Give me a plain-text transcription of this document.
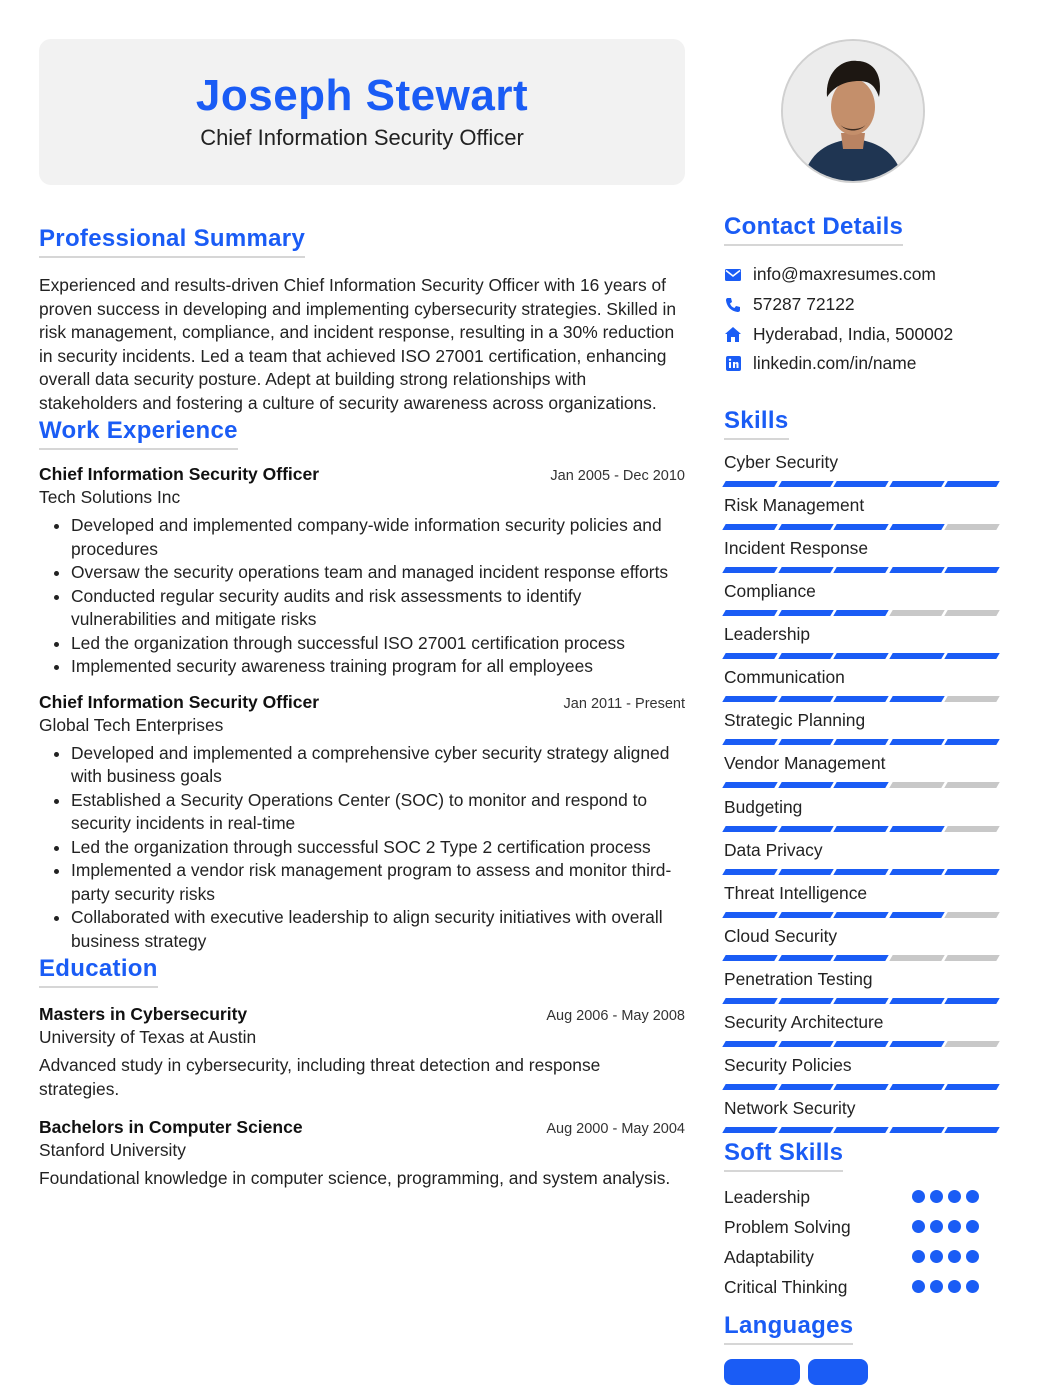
Joseph Stewart
Chief Information Security Officer
Professional Summary
Experienced and results-driven Chief Information Security Officer with 16 years of proven success in developing and implementing cybersecurity strategies. Skilled in risk management, compliance, and incident response, resulting in a 30% reduction in security incidents. Led a team that achieved ISO 27001 certification, enhancing overall data security posture. Adept at building strong relationships with stakeholders and fostering a culture of security awareness across organizations.
Work Experience
Chief Information Security Officer	Jan 2005 - Dec 2010
Tech Solutions Inc
• Developed and implemented company-wide information security policies and procedures
• Oversaw the security operations team and managed incident response efforts
• Conducted regular security audits and risk assessments to identify vulnerabilities and mitigate risks
• Led the organization through successful ISO 27001 certification process
• Implemented security awareness training program for all employees
Chief Information Security Officer	Jan 2011 - Present
Global Tech Enterprises
• Developed and implemented a comprehensive cyber security strategy aligned with business goals
• Established a Security Operations Center (SOC) to monitor and respond to security incidents in real-time
• Led the organization through successful SOC 2 Type 2 certification process
• Implemented a vendor risk management program to assess and monitor third-party security risks
• Collaborated with executive leadership to align security initiatives with overall business strategy
Education
Masters in Cybersecurity	Aug 2006 - May 2008
University of Texas at Austin
Advanced study in cybersecurity, including threat detection and response strategies.
Bachelors in Computer Science	Aug 2000 - May 2004
Stanford University
Foundational knowledge in computer science, programming, and system analysis.
Contact Details
info@maxresumes.com
57287 72122
Hyderabad, India, 500002
linkedin.com/in/name
Skills
Cyber Security
Risk Management
Incident Response
Compliance
Leadership
Communication
Strategic Planning
Vendor Management
Budgeting
Data Privacy
Threat Intelligence
Cloud Security
Penetration Testing
Security Architecture
Security Policies
Network Security
Soft Skills
Leadership
Problem Solving
Adaptability
Critical Thinking
Languages
